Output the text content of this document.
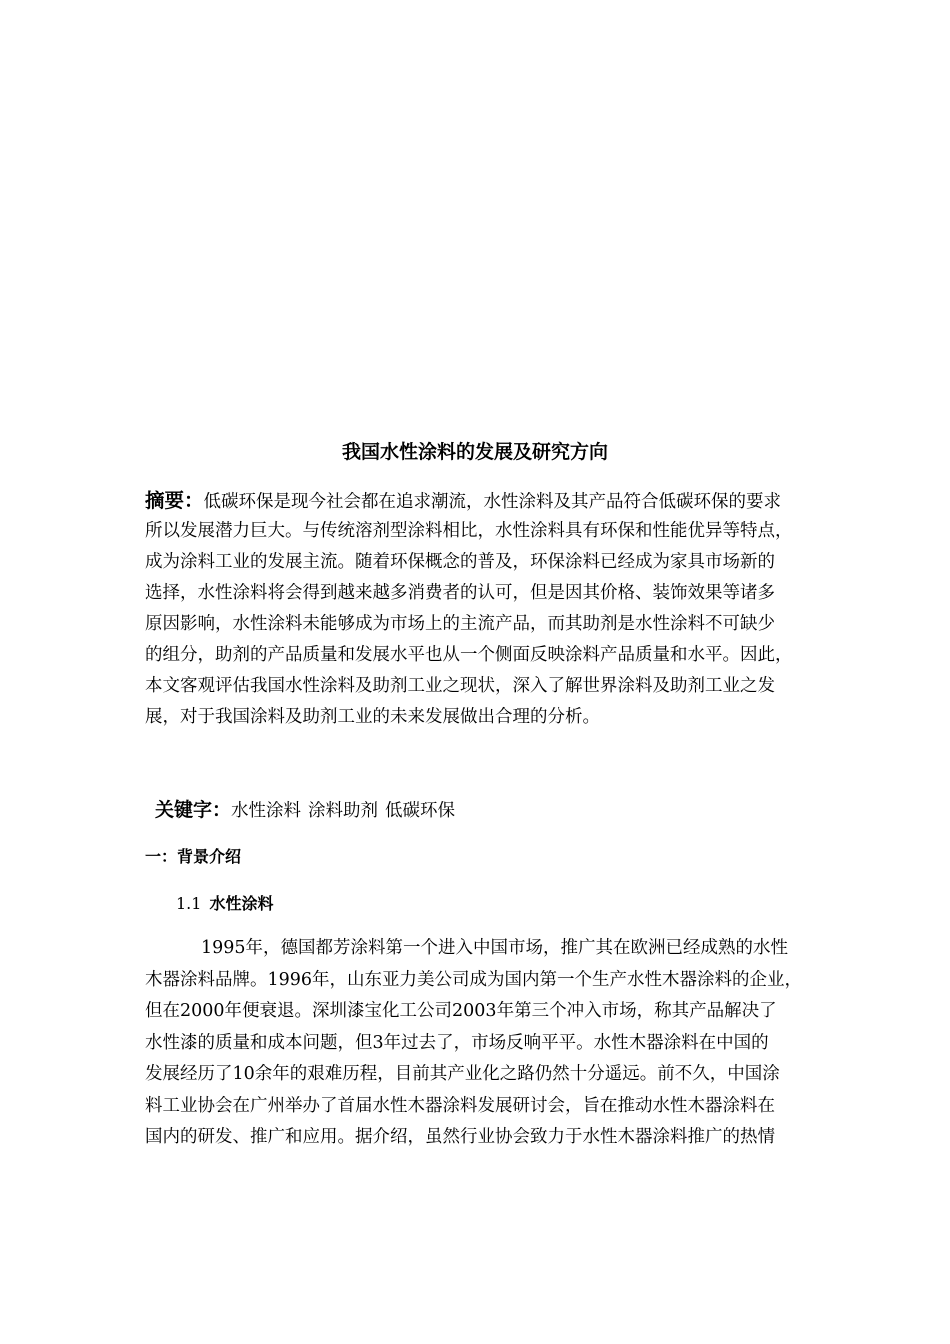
我国水性涂料的发展及研究方向
摘要：低碳环保是现今社会都在追求潮流，水性涂料及其产品符合低碳环保的要求
所以发展潜力巨大。与传统溶剂型涂料相比，水性涂料具有环保和性能优异等特点，
成为涂料工业的发展主流。随着环保概念的普及，环保涂料已经成为家具市场新的
选择，水性涂料将会得到越来越多消费者的认可，但是因其价格、装饰效果等诸多
原因影响，水性涂料未能够成为市场上的主流产品，而其助剂是水性涂料不可缺少
的组分，助剂的产品质量和发展水平也从一个侧面反映涂料产品质量和水平。因此，
本文客观评估我国水性涂料及助剂工业之现状，深入了解世界涂料及助剂工业之发
展，对于我国涂料及助剂工业的未来发展做出合理的分析。
关键字：水性涂料 涂料助剂 低碳环保
一：背景介绍
1.1 水性涂料
1995年，德国都芳涂料第一个进入中国市场，推广其在欧洲已经成熟的水性
木器涂料品牌。1996年，山东亚力美公司成为国内第一个生产水性木器涂料的企业，
但在2000年便衰退。深圳漆宝化工公司2003年第三个冲入市场，称其产品解决了
水性漆的质量和成本问题，但3年过去了，市场反响平平。水性木器涂料在中国的
发展经历了10余年的艰难历程，目前其产业化之路仍然十分遥远。前不久，中国涂
料工业协会在广州举办了首届水性木器涂料发展研讨会，旨在推动水性木器涂料在
国内的研发、推广和应用。据介绍，虽然行业协会致力于水性木器涂料推广的热情
